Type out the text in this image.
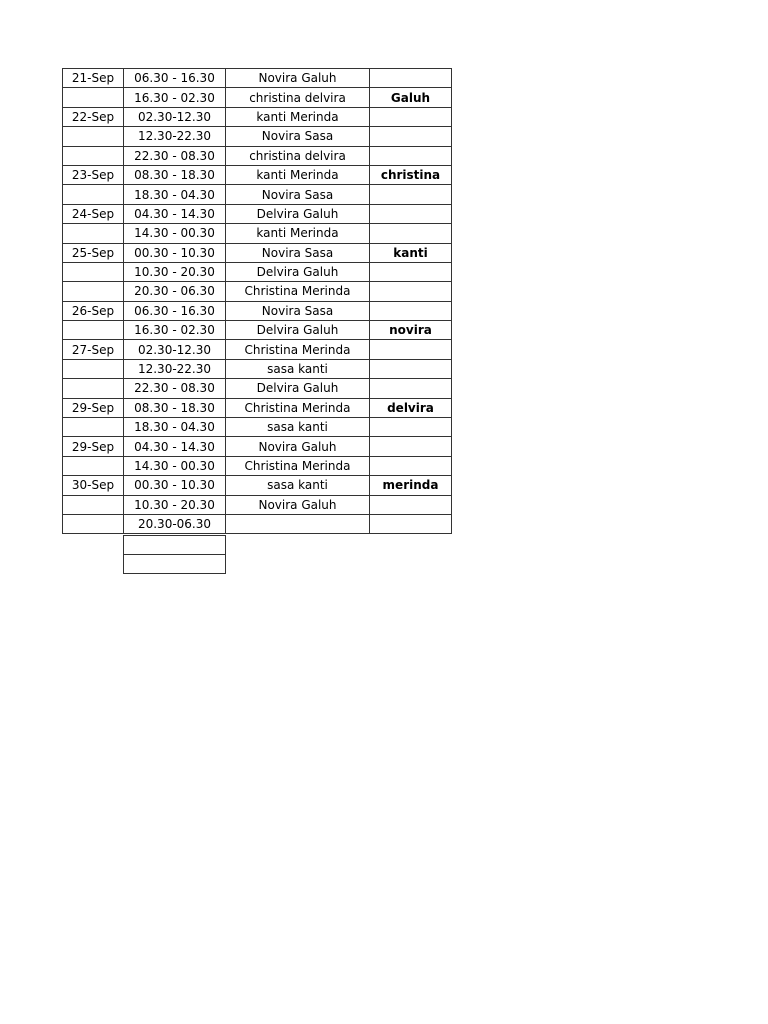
21-Sep	06.30 - 16.30	Novira Galuh	
	16.30 - 02.30	christina delvira	Galuh
22-Sep	02.30-12.30	kanti Merinda	
	12.30-22.30	Novira Sasa	
	22.30 - 08.30	christina delvira	
23-Sep	08.30 - 18.30	kanti Merinda	christina
	18.30 - 04.30	Novira Sasa	
24-Sep	04.30 - 14.30	Delvira Galuh	
	14.30 - 00.30	kanti Merinda	
25-Sep	00.30 - 10.30	Novira Sasa	kanti
	10.30 - 20.30	Delvira Galuh	
	20.30 - 06.30	Christina Merinda	
26-Sep	06.30 - 16.30	Novira Sasa	
	16.30 - 02.30	Delvira Galuh	novira
27-Sep	02.30-12.30	Christina Merinda	
	12.30-22.30	sasa kanti	
	22.30 - 08.30	Delvira Galuh	
29-Sep	08.30 - 18.30	Christina Merinda	delvira
	18.30 - 04.30	sasa kanti	
29-Sep	04.30 - 14.30	Novira Galuh	
	14.30 - 00.30	Christina Merinda	
30-Sep	00.30 - 10.30	sasa kanti	merinda
	10.30 - 20.30	Novira Galuh	
	20.30-06.30		
